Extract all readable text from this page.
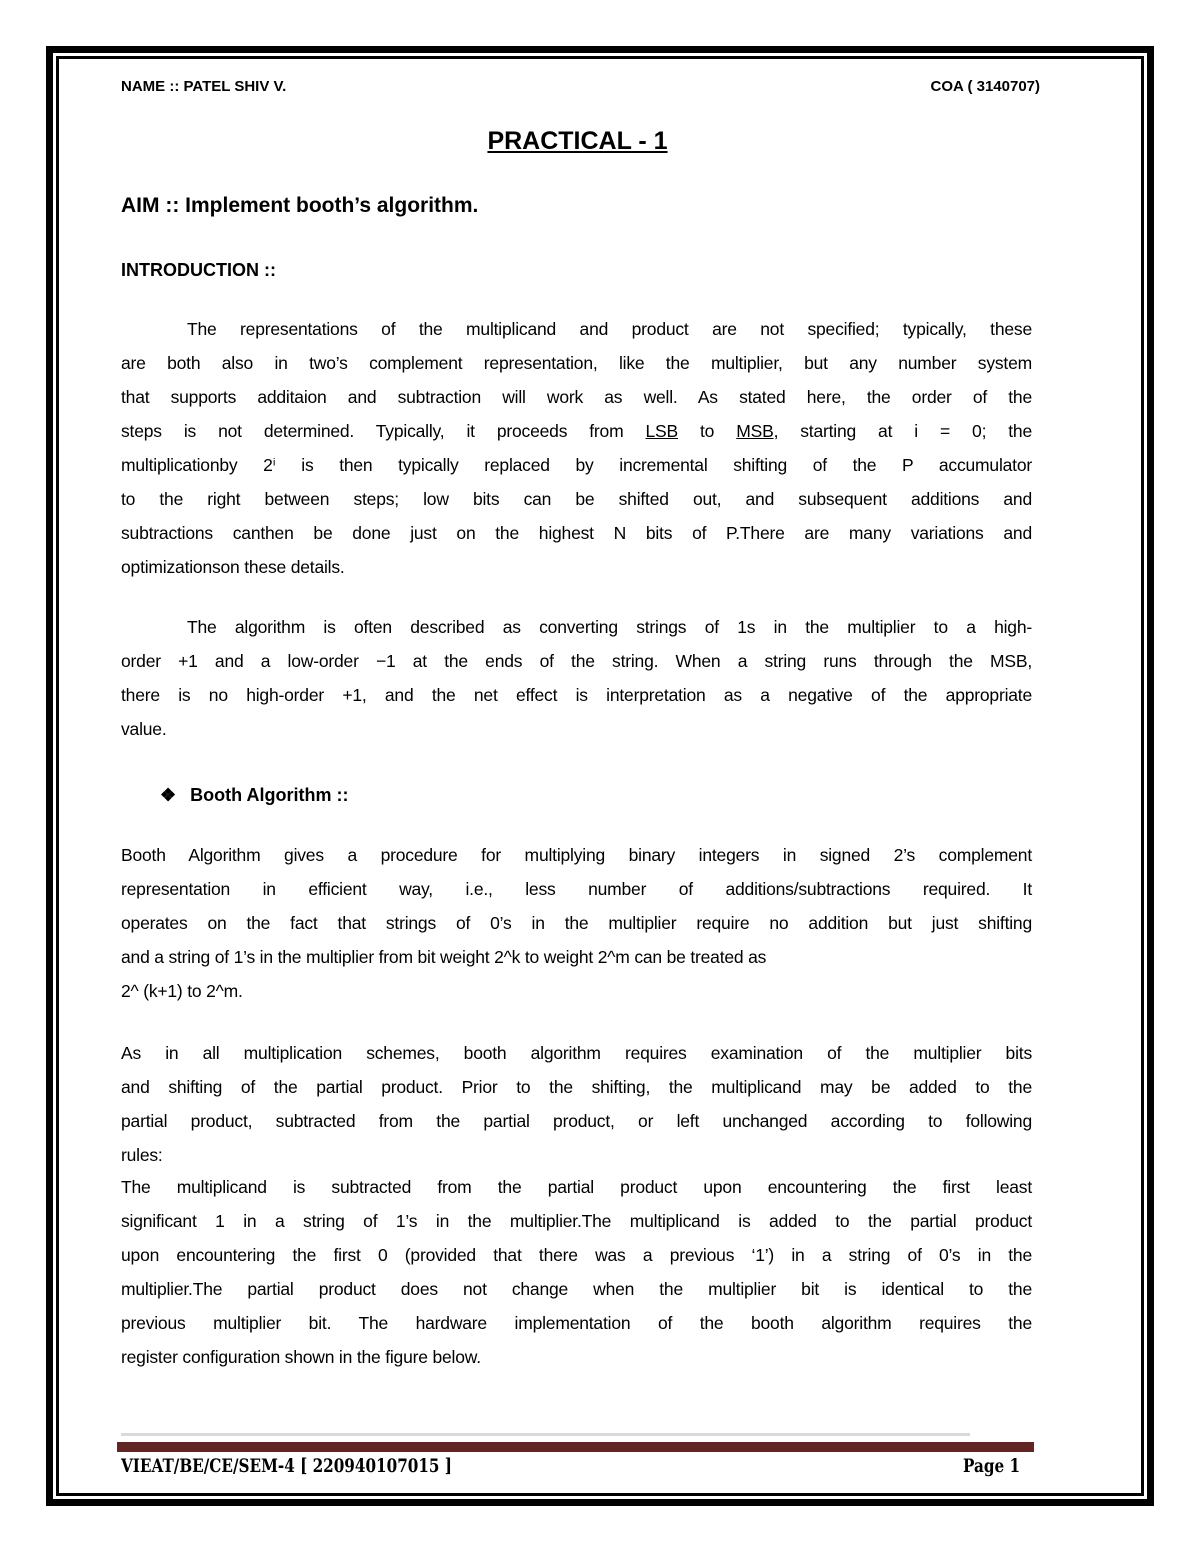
NAME :: PATEL SHIV V.	COA ( 3140707)
PRACTICAL - 1
AIM :: Implement booth’s algorithm.
INTRODUCTION ::
The representations of the multiplicand and product are not specified; typically, these
are both also in two’s complement representation, like the multiplier, but any number system
that supports additaion and subtraction will work as well. As stated here, the order of the
steps is not determined. Typically, it proceeds from LSB to MSB, starting at i = 0; the
multiplicationby 2ⁱ is then typically replaced by incremental shifting of the P accumulator
to the right between steps; low bits can be shifted out, and subsequent additions and
subtractions canthen be done just on the highest N bits of P.There are many variations and
optimizationson these details.
The algorithm is often described as converting strings of 1s in the multiplier to a high-
order +1 and a low-order −1 at the ends of the string. When a string runs through the MSB,
there is no high-order +1, and the net effect is interpretation as a negative of the appropriate
value.
❖ Booth Algorithm ::
Booth Algorithm gives a procedure for multiplying binary integers in signed 2’s complement
representation in efficient way, i.e., less number of additions/subtractions required. It
operates on the fact that strings of 0’s in the multiplier require no addition but just shifting
and a string of 1’s in the multiplier from bit weight 2^k to weight 2^m can be treated as
2^ (k+1) to 2^m.
As in all multiplication schemes, booth algorithm requires examination of the multiplier bits
and shifting of the partial product. Prior to the shifting, the multiplicand may be added to the
partial product, subtracted from the partial product, or left unchanged according to following
rules:
The multiplicand is subtracted from the partial product upon encountering the first least
significant 1 in a string of 1’s in the multiplier.The multiplicand is added to the partial product
upon encountering the first 0 (provided that there was a previous ‘1’) in a string of 0’s in the
multiplier.The partial product does not change when the multiplier bit is identical to the
previous multiplier bit. The hardware implementation of the booth algorithm requires the
register configuration shown in the figure below.
VIEAT/BE/CE/SEM-4 [ 220940107015 ]	Page 1
